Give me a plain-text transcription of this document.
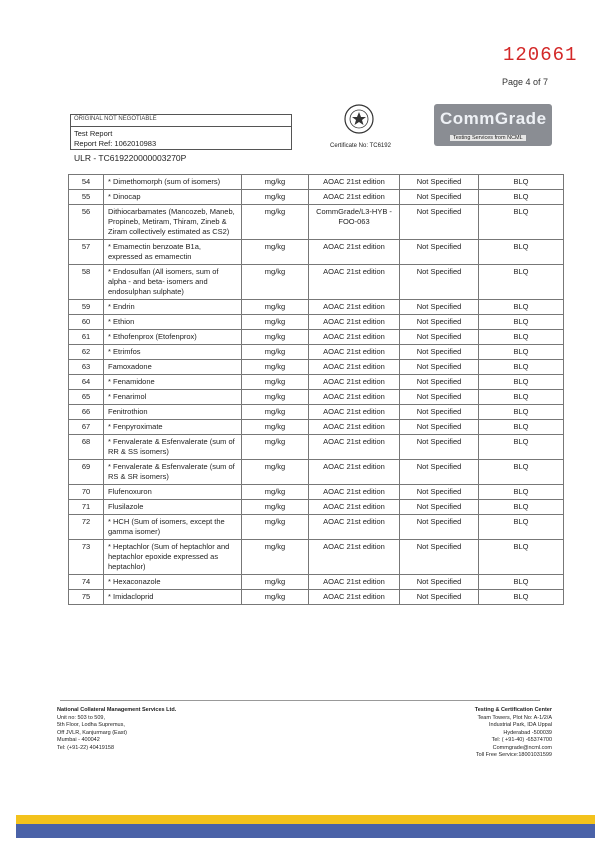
120661
Page 4 of 7
ORIGINAL NOT NEGOTIABLE
Test Report
Report Ref: 1062010983
ULR - TC619220000003270P
Certificate No: TC6192
CommGrade
Testing Services from NCML
54	* Dimethomorph (sum of isomers)	mg/kg	AOAC 21st edition	Not Specified	BLQ
55	* Dinocap	mg/kg	AOAC 21st edition	Not Specified	BLQ
56	Dithiocarbamates (Mancozeb, Maneb, Propineb, Metiram, Thiram, Zineb & Ziram collectively estimated as CS2)	mg/kg	CommGrade/L3-HYB -FOO-063	Not Specified	BLQ
57	* Emamectin benzoate B1a, expressed as emamectin	mg/kg	AOAC 21st edition	Not Specified	BLQ
58	* Endosulfan (All isomers, sum of alpha - and beta- isomers and endosulphan sulphate)	mg/kg	AOAC 21st edition	Not Specified	BLQ
59	* Endrin	mg/kg	AOAC 21st edition	Not Specified	BLQ
60	* Ethion	mg/kg	AOAC 21st edition	Not Specified	BLQ
61	* Ethofenprox (Etofenprox)	mg/kg	AOAC 21st edition	Not Specified	BLQ
62	* Etrimfos	mg/kg	AOAC 21st edition	Not Specified	BLQ
63	Famoxadone	mg/kg	AOAC 21st edition	Not Specified	BLQ
64	* Fenamidone	mg/kg	AOAC 21st edition	Not Specified	BLQ
65	* Fenarimol	mg/kg	AOAC 21st edition	Not Specified	BLQ
66	Fenitrothion	mg/kg	AOAC 21st edition	Not Specified	BLQ
67	* Fenpyroximate	mg/kg	AOAC 21st edition	Not Specified	BLQ
68	* Fenvalerate & Esfenvalerate (sum of RR & SS isomers)	mg/kg	AOAC 21st edition	Not Specified	BLQ
69	* Fenvalerate & Esfenvalerate (sum of RS & SR isomers)	mg/kg	AOAC 21st edition	Not Specified	BLQ
70	Flufenoxuron	mg/kg	AOAC 21st edition	Not Specified	BLQ
71	Flusilazole	mg/kg	AOAC 21st edition	Not Specified	BLQ
72	* HCH (Sum of isomers, except the gamma isomer)	mg/kg	AOAC 21st edition	Not Specified	BLQ
73	* Heptachlor (Sum of heptachlor and heptachlor epoxide expressed as heptachlor)	mg/kg	AOAC 21st edition	Not Specified	BLQ
74	* Hexaconazole	mg/kg	AOAC 21st edition	Not Specified	BLQ
75	* Imidacloprid	mg/kg	AOAC 21st edition	Not Specified	BLQ
National Collateral Management Services Ltd.
Unit no: 503 to 509,
5th Floor, Lodha Supremus,
Off JVLR, Kanjurmarg (East)
Mumbai - 400042
Tel: (+91-22) 40419158
Testing & Certification Center
Team Towers, Plot No: A-1/2/A
Industrial Park, IDA Uppal
Hyderabad -500039
Tel: ( +91-40) -65374700
Commgrade@ncml.com
Toll Free Service:18001031599
